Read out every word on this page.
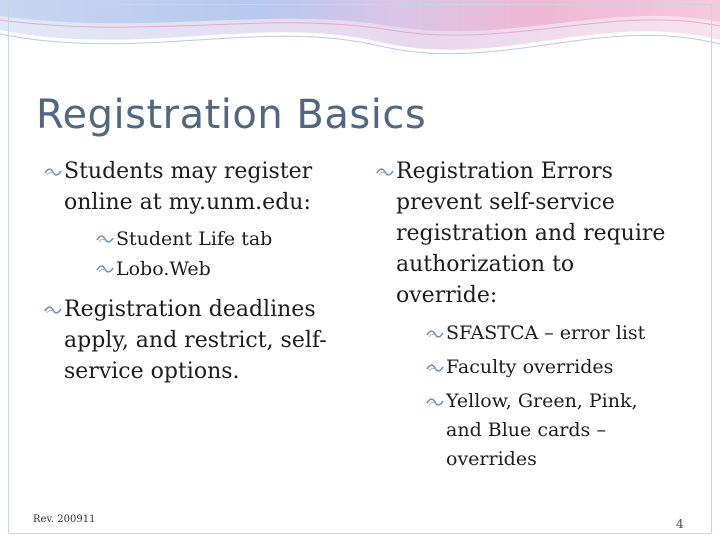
Registration Basics
Students may register online at my.unm.edu:
Student Life tab
Lobo.Web
Registration deadlines apply, and restrict, self-service options.
Registration Errors prevent self-service registration and require authorization to override:
SFASTCA – error list
Faculty overrides
Yellow, Green, Pink, and Blue cards – overrides
Rev. 200911	4
